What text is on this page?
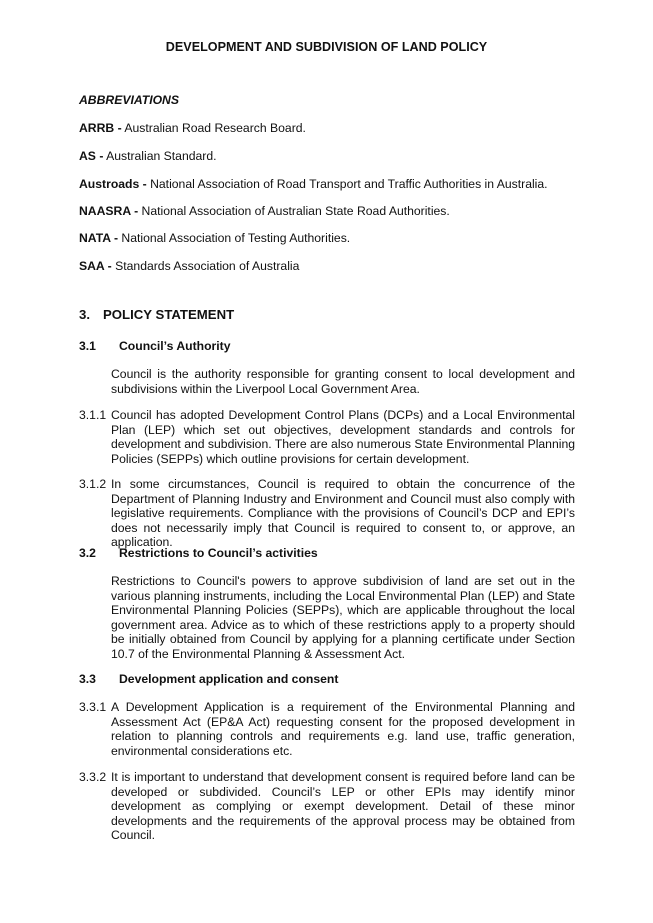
DEVELOPMENT AND SUBDIVISION OF LAND POLICY
ABBREVIATIONS

ARRB - Australian Road Research Board.

AS - Australian Standard.

Austroads - National Association of Road Transport and Traffic Authorities in Australia.

NAASRA - National Association of Australian State Road Authorities.

NATA - National Association of Testing Authorities.

SAA - Standards Association of Australia

3. POLICY STATEMENT
3.1 Council’s Authority
Council is the authority responsible for granting consent to local development and subdivisions within the Liverpool Local Government Area.
3.1.1 Council has adopted Development Control Plans (DCPs) and a Local Environmental Plan (LEP) which set out objectives, development standards and controls for development and subdivision. There are also numerous State Environmental Planning Policies (SEPPs) which outline provisions for certain development.
3.1.2 In some circumstances, Council is required to obtain the concurrence of the Department of Planning Industry and Environment and Council must also comply with legislative requirements. Compliance with the provisions of Council’s DCP and EPI’s does not necessarily imply that Council is required to consent to, or approve, an application.
3.2 Restrictions to Council’s activities
Restrictions to Council's powers to approve subdivision of land are set out in the various planning instruments, including the Local Environmental Plan (LEP) and State Environmental Planning Policies (SEPPs), which are applicable throughout the local government area. Advice as to which of these restrictions apply to a property should be initially obtained from Council by applying for a planning certificate under Section 10.7 of the Environmental Planning & Assessment Act.
3.3 Development application and consent
3.3.1 A Development Application is a requirement of the Environmental Planning and Assessment Act (EP&A Act) requesting consent for the proposed development in relation to planning controls and requirements e.g. land use, traffic generation, environmental considerations etc.
3.3.2 It is important to understand that development consent is required before land can be developed or subdivided. Council’s LEP or other EPIs may identify minor development as complying or exempt development. Detail of these minor developments and the requirements of the approval process may be obtained from Council.
